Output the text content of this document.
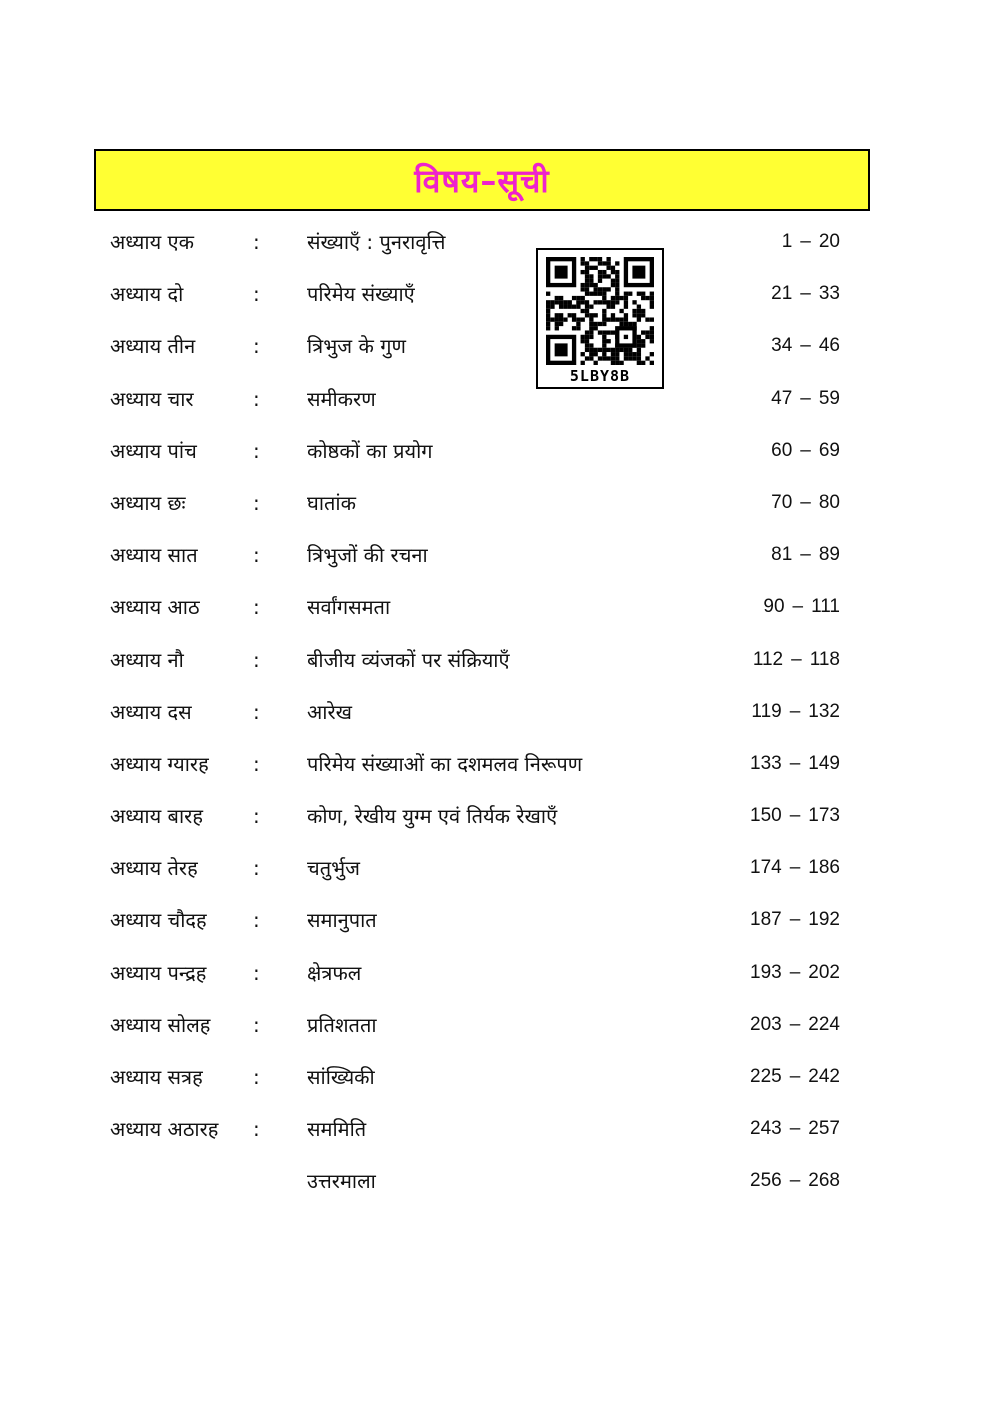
विषय–सूची
अध्याय एक	: संख्याएँ : पुनरावृत्ति	1 – 20
अध्याय दो	: परिमेय संख्याएँ	21 – 33
अध्याय तीन	: त्रिभुज के गुण	34 – 46
अध्याय चार	: समीकरण	47 – 59
अध्याय पांच	: कोष्ठकों का प्रयोग	60 – 69
अध्याय छः	: घातांक	70 – 80
अध्याय सात	: त्रिभुजों की रचना	81 – 89
अध्याय आठ	: सर्वांगसमता	90 – 111
अध्याय नौ	: बीजीय व्यंजकों पर संक्रियाएँ	112 – 118
अध्याय दस	: आरेख	119 – 132
अध्याय ग्यारह : परिमेय संख्याओं का दशमलव निरूपण	133 – 149
अध्याय बारह	: कोण, रेखीय युग्म एवं तिर्यक रेखाएँ	150 – 173
अध्याय तेरह	: चतुर्भुज	174 – 186
अध्याय चौदह : समानुपात	187 – 192
अध्याय पन्द्रह : क्षेत्रफल	193 – 202
अध्याय सोलह : प्रतिशतता	203 – 224
अध्याय सत्रह	: सांख्यिकी	225 – 242
अध्याय अठारह : सममिति	243 – 257
उत्तरमाला	256 – 268
5LBY8B
